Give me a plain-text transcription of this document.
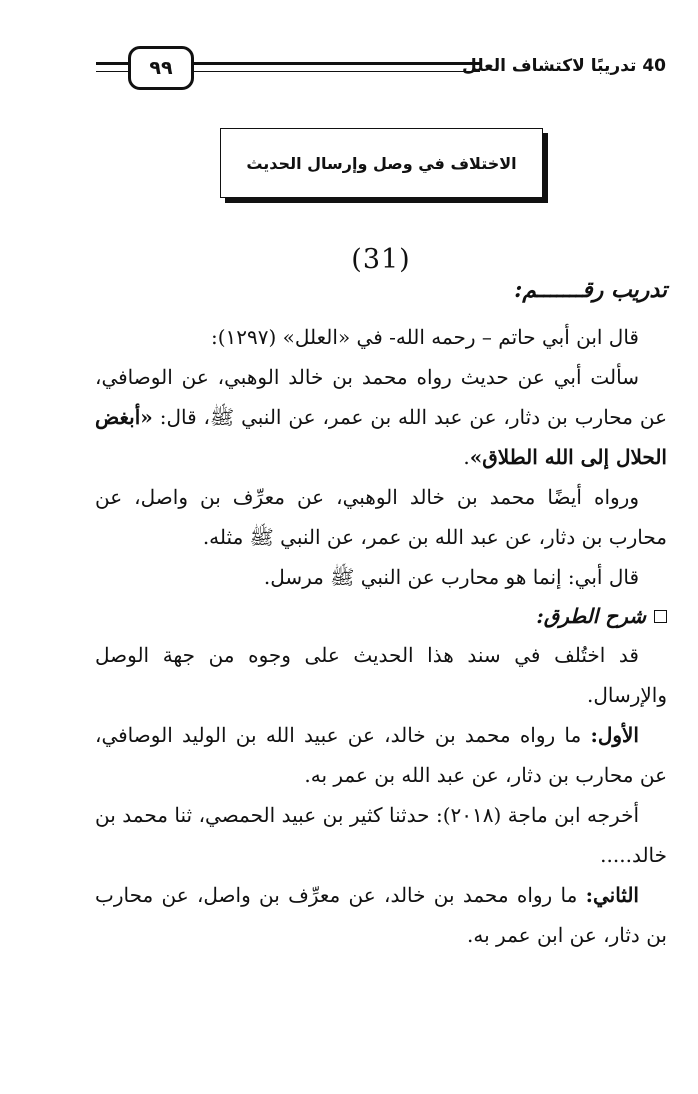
٩٩	40 تدريبًا لاكتشاف العلل
الاختلاف في وصل وإرسال الحديث
(31)
تدريب رقـــــــم:

قال ابن أبي حاتم – رحمه الله- في «العلل» (١٢٩٧):

سألت أبي عن حديث رواه محمد بن خالد الوهبي، عن الوصافي، عن محارب بن دثار، عن عبد الله بن عمر، عن النبي ﷺ، قال: «أبغض الحلال إلى الله الطلاق».

ورواه أيضًا محمد بن خالد الوهبي، عن معرِّف بن واصل، عن محارب بن دثار، عن عبد الله بن عمر، عن النبي ﷺ مثله.

قال أبي: إنما هو محارب عن النبي ﷺ مرسل.

شرح الطرق:

قد اختُلف في سند هذا الحديث على وجوه من جهة الوصل والإرسال.

الأول: ما رواه محمد بن خالد، عن عبيد الله بن الوليد الوصافي، عن محارب بن دثار، عن عبد الله بن عمر به.

أخرجه ابن ماجة (٢٠١٨): حدثنا كثير بن عبيد الحمصي، ثنا محمد بن خالد.....

الثاني: ما رواه محمد بن خالد، عن معرِّف بن واصل، عن محارب بن دثار، عن ابن عمر به.
